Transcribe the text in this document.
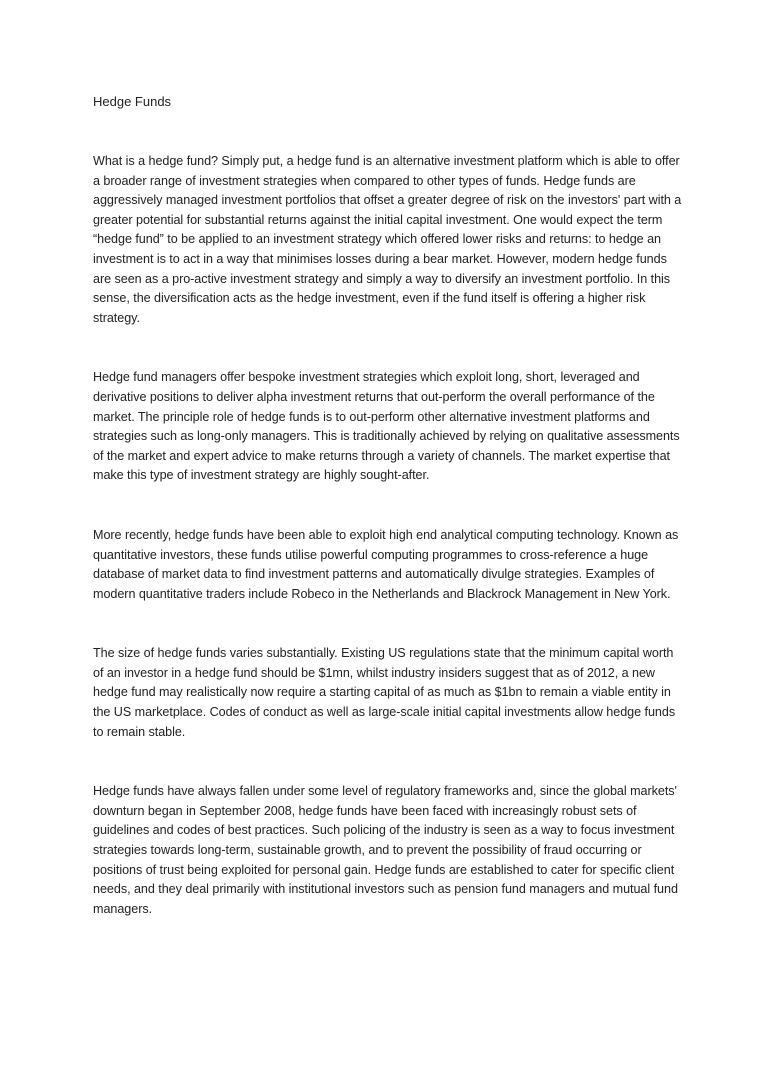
Hedge Funds

What is a hedge fund? Simply put, a hedge fund is an alternative investment platform which is able to offer a broader range of investment strategies when compared to other types of funds. Hedge funds are aggressively managed investment portfolios that offset a greater degree of risk on the investors' part with a greater potential for substantial returns against the initial capital investment. One would expect the term “hedge fund” to be applied to an investment strategy which offered lower risks and returns: to hedge an investment is to act in a way that minimises losses during a bear market. However, modern hedge funds are seen as a pro-active investment strategy and simply a way to diversify an investment portfolio. In this sense, the diversification acts as the hedge investment, even if the fund itself is offering a higher risk strategy.

Hedge fund managers offer bespoke investment strategies which exploit long, short, leveraged and derivative positions to deliver alpha investment returns that out-perform the overall performance of the market. The principle role of hedge funds is to out-perform other alternative investment platforms and strategies such as long-only managers. This is traditionally achieved by relying on qualitative assessments of the market and expert advice to make returns through a variety of channels. The market expertise that make this type of investment strategy are highly sought-after.

More recently, hedge funds have been able to exploit high end analytical computing technology. Known as quantitative investors, these funds utilise powerful computing programmes to cross-reference a huge database of market data to find investment patterns and automatically divulge strategies. Examples of modern quantitative traders include Robeco in the Netherlands and Blackrock Management in New York.

The size of hedge funds varies substantially. Existing US regulations state that the minimum capital worth of an investor in a hedge fund should be $1mn, whilst industry insiders suggest that as of 2012, a new hedge fund may realistically now require a starting capital of as much as $1bn to remain a viable entity in the US marketplace. Codes of conduct as well as large-scale initial capital investments allow hedge funds to remain stable.

Hedge funds have always fallen under some level of regulatory frameworks and, since the global markets' downturn began in September 2008, hedge funds have been faced with increasingly robust sets of guidelines and codes of best practices. Such policing of the industry is seen as a way to focus investment strategies towards long-term, sustainable growth, and to prevent the possibility of fraud occurring or positions of trust being exploited for personal gain. Hedge funds are established to cater for specific client needs, and they deal primarily with institutional investors such as pension fund managers and mutual fund managers.
